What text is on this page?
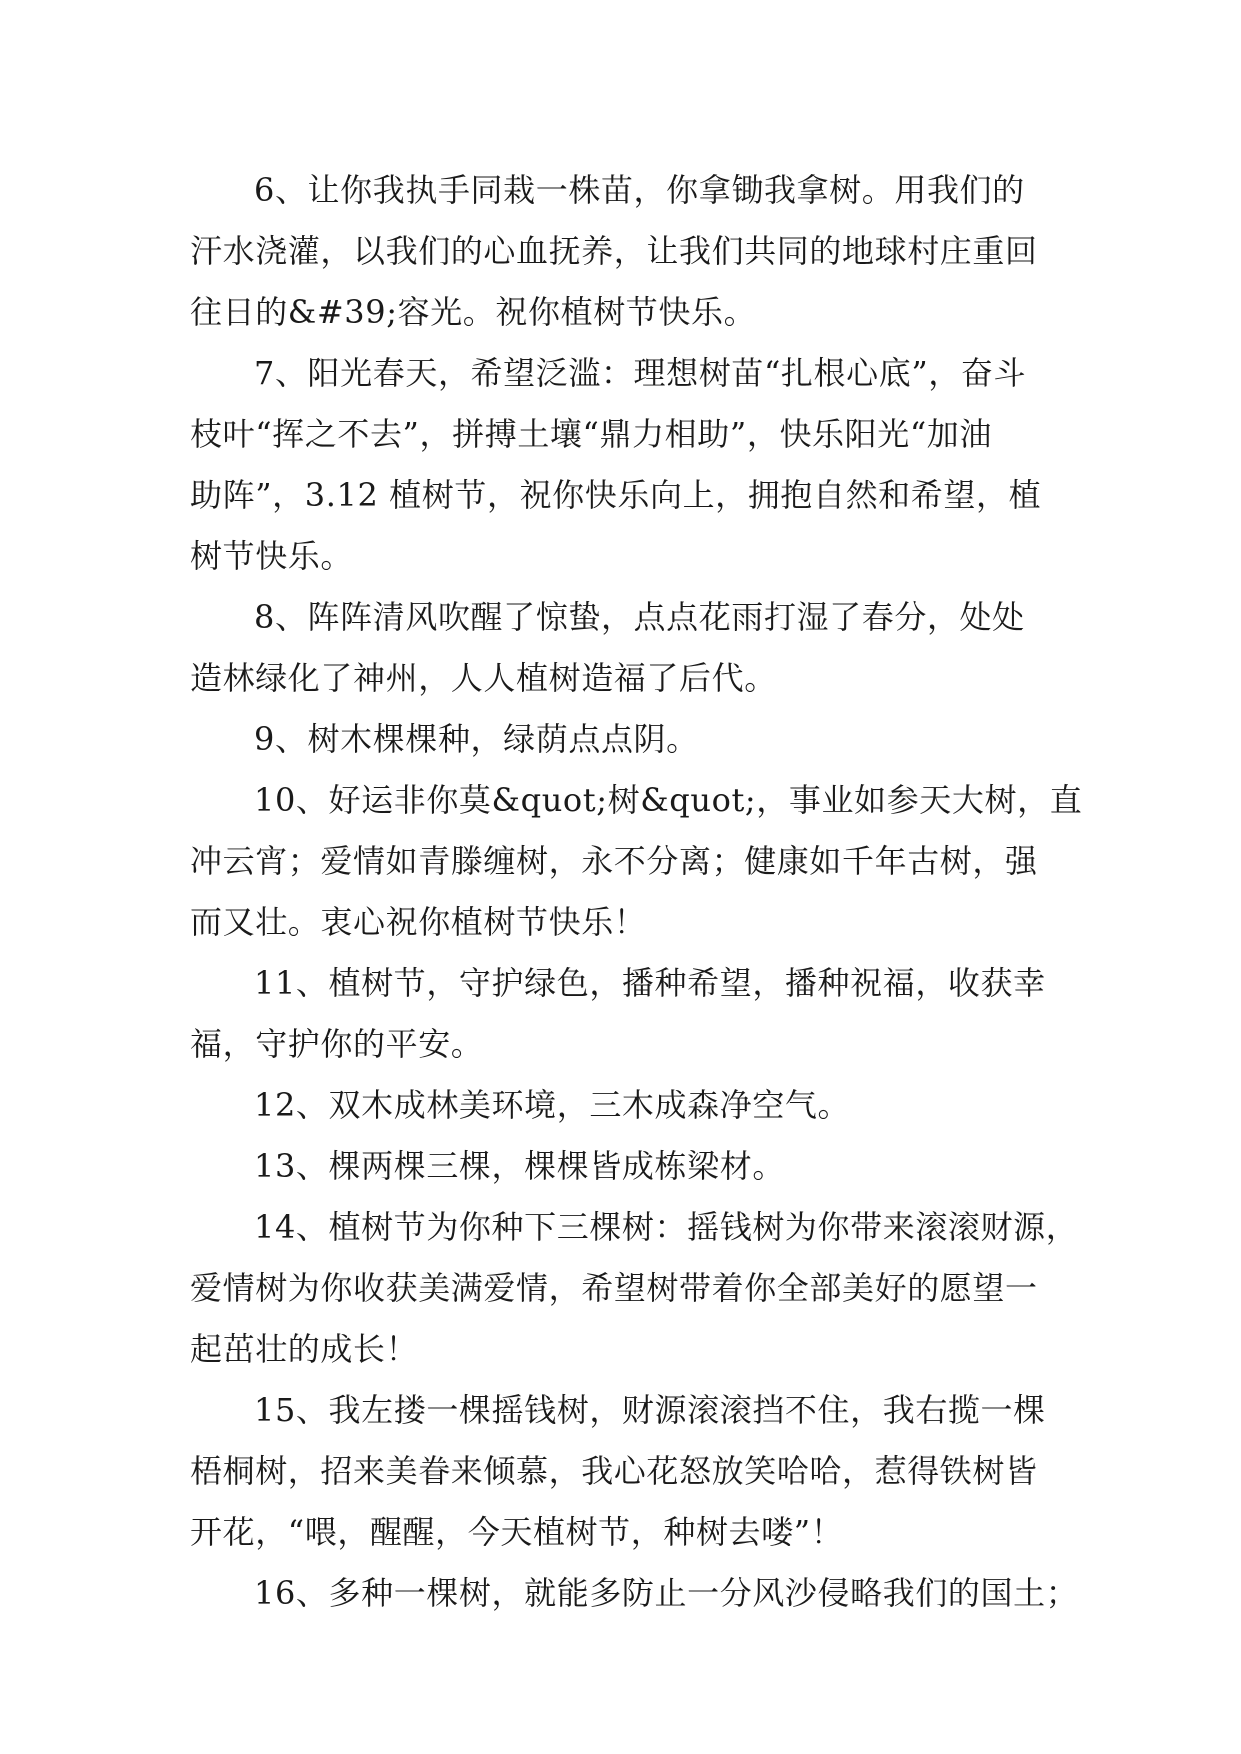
6、让你我执手同栽一株苗，你拿锄我拿树。用我们的
汗水浇灌，以我们的心血抚养，让我们共同的地球村庄重回
往日的&#39;容光。祝你植树节快乐。
7、阳光春天，希望泛滥：理想树苗“扎根心底”，奋斗
枝叶“挥之不去”，拼搏土壤“鼎力相助”，快乐阳光“加油
助阵”，3.12 植树节，祝你快乐向上，拥抱自然和希望，植
树节快乐。
8、阵阵清风吹醒了惊蛰，点点花雨打湿了春分，处处
造林绿化了神州，人人植树造福了后代。
9、树木棵棵种，绿荫点点阴。
10、好运非你莫&quot;树&quot;，事业如参天大树，直
冲云宵；爱情如青滕缠树，永不分离；健康如千年古树，强
而又壮。衷心祝你植树节快乐！
11、植树节，守护绿色，播种希望，播种祝福，收获幸
福，守护你的平安。
12、双木成林美环境，三木成森净空气。
13、棵两棵三棵，棵棵皆成栋梁材。
14、植树节为你种下三棵树：摇钱树为你带来滚滚财源，
爱情树为你收获美满爱情，希望树带着你全部美好的愿望一
起茁壮的成长！
15、我左搂一棵摇钱树，财源滚滚挡不住，我右揽一棵
梧桐树，招来美眷来倾慕，我心花怒放笑哈哈，惹得铁树皆
开花，“喂，醒醒，今天植树节，种树去喽”！
16、多种一棵树，就能多防止一分风沙侵略我们的国土；
